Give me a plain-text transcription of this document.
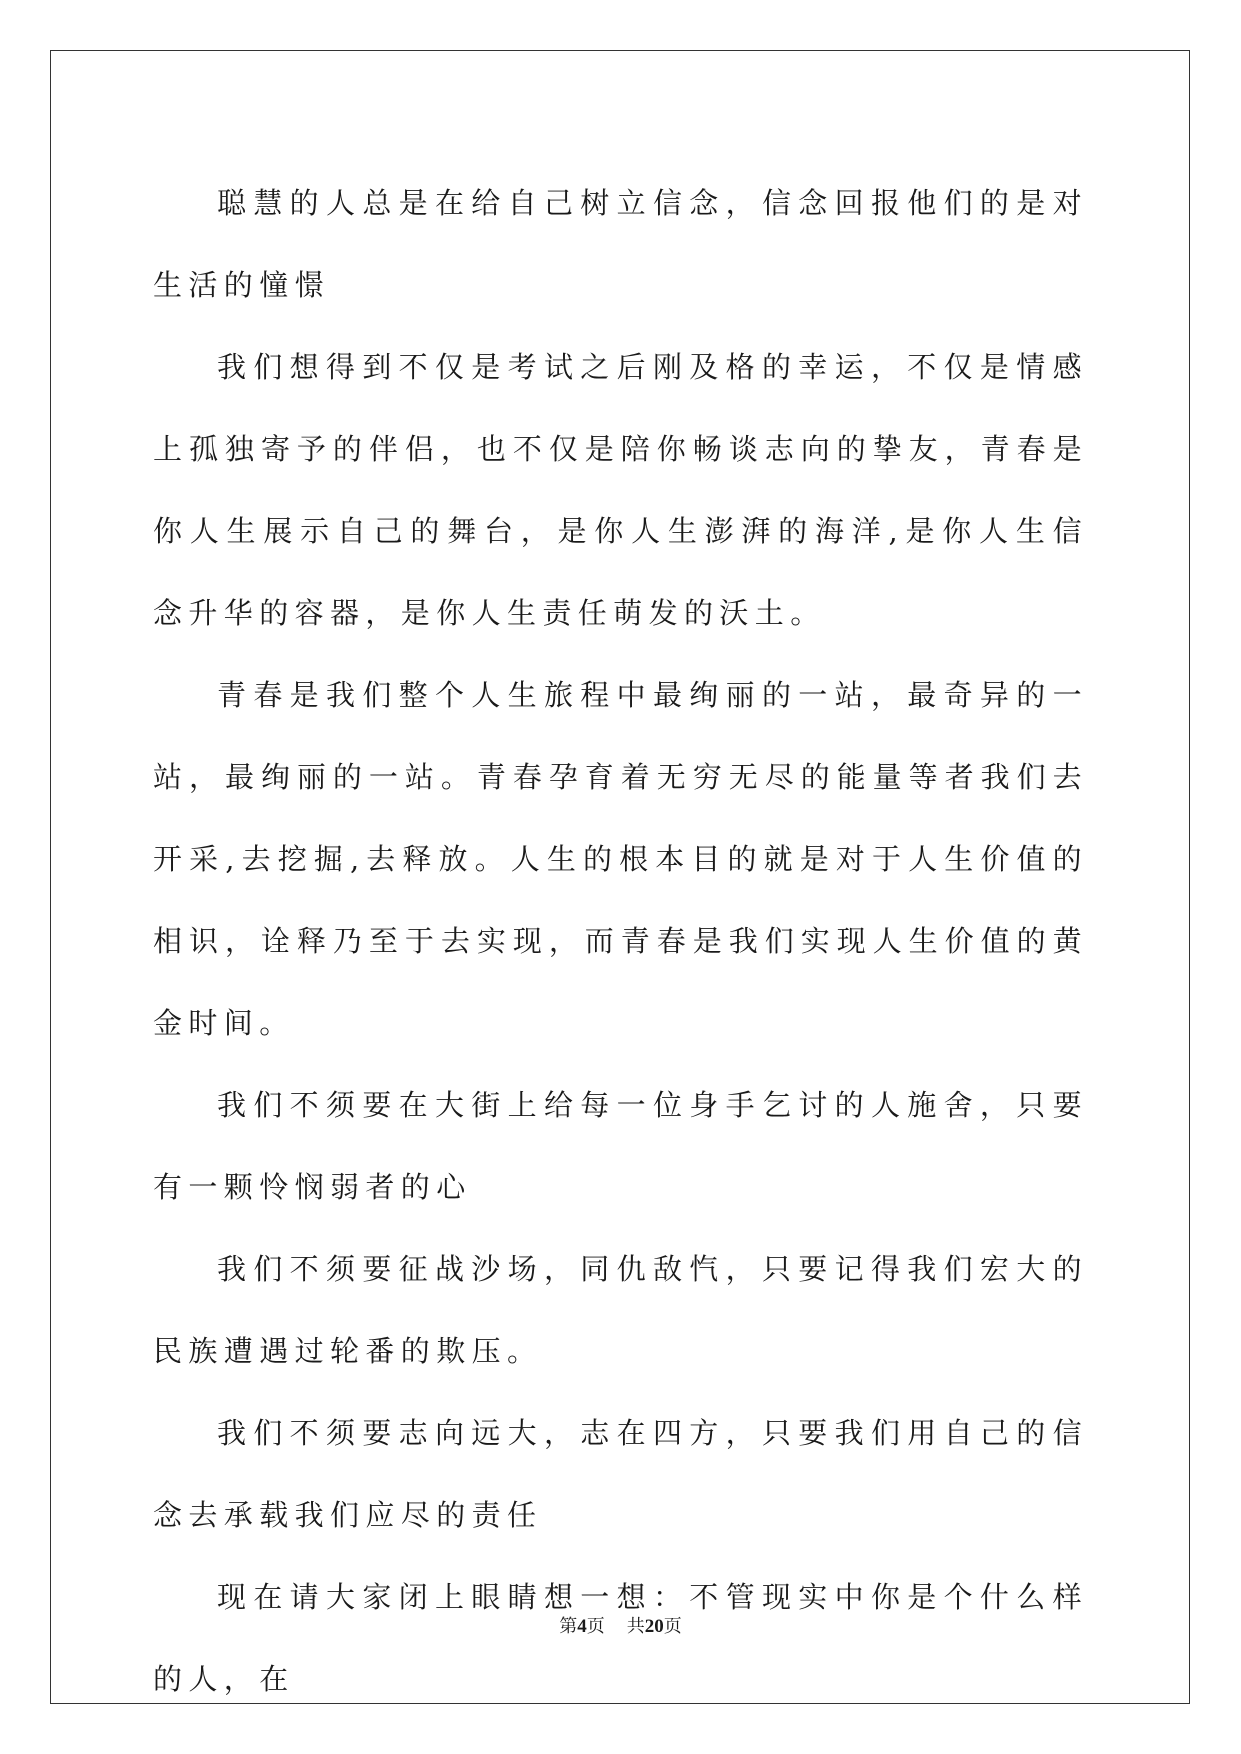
聪慧的人总是在给自己树立信念，信念回报他们的是对生活的憧憬

我们想得到不仅是考试之后刚及格的幸运，不仅是情感上孤独寄予的伴侣，也不仅是陪你畅谈志向的挚友，青春是你人生展示自己的舞台，是你人生澎湃的海洋,是你人生信念升华的容器，是你人生责任萌发的沃土。

青春是我们整个人生旅程中最绚丽的一站，最奇异的一站，最绚丽的一站。青春孕育着无穷无尽的能量等者我们去开采,去挖掘,去释放。人生的根本目的就是对于人生价值的相识，诠释乃至于去实现，而青春是我们实现人生价值的黄金时间。

我们不须要在大街上给每一位身手乞讨的人施舍，只要有一颗怜悯弱者的心

我们不须要征战沙场，同仇敌忾，只要记得我们宏大的民族遭遇过轮番的欺压。

我们不须要志向远大，志在四方，只要我们用自己的信念去承载我们应尽的责任

现在请大家闭上眼睛想一想：不管现实中你是个什么样的人，在

第4页 共20页
